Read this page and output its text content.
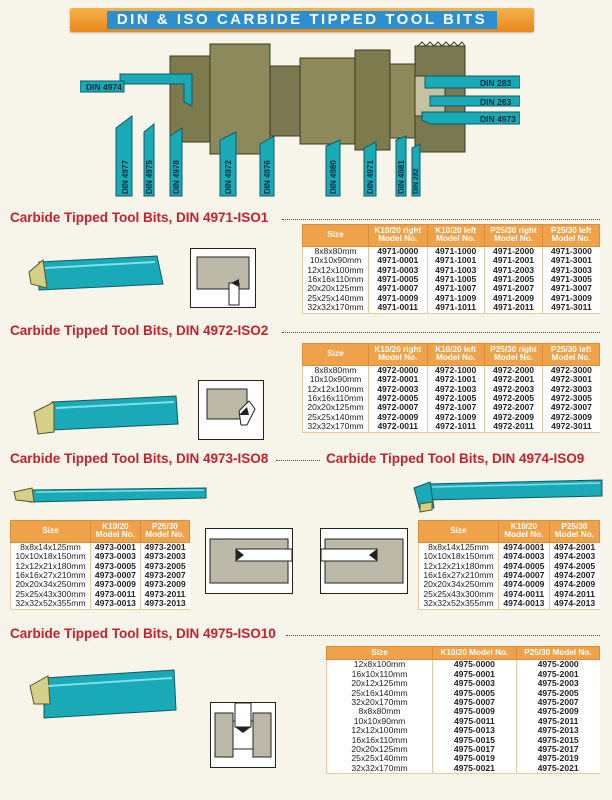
DIN & ISO CARBIDE TIPPED TOOL BITS
DIN 4974	DIN 283
DIN 263
DIN 4973
DIN 4977 DIN 4975 DIN 4978	DIN 4972	DIN 4976	DIN 4980	DIN 4971	DIN 4981 DIN 282
Carbide Tipped Tool Bits, DIN 4971-ISO1
Size	K10/20 right Model No.	K10/20 left Model No.	P25/30 right Model No.	P25/30 left Model No.
8x8x80mm	4971-0000	4971-1000	4971-2000	4971-3000
10x10x90mm	4971-0001	4971-1001	4971-2001	4971-3001
12x12x100mm	4971-0003	4971-1003	4971-2003	4971-3003
16x16x110mm	4971-0005	4971-1005	4971-2005	4971-3005
20x20x125mm	4971-0007	4971-1007	4971-2007	4971-3007
25x25x140mm	4971-0009	4971-1009	4971-2009	4971-3009
32x32x170mm	4971-0011	4971-1011	4971-2011	4971-3011
Carbide Tipped Tool Bits, DIN 4972-ISO2
Size	K10/20 right Model No.	K10/20 left Model No.	P25/30 right Model No.	P25/30 left Model No.
8x8x80mm	4972-0000	4972-1000	4972-2000	4972-3000
10x10x90mm	4972-0001	4972-1001	4972-2001	4972-3001
12x12x100mm	4972-0003	4972-1003	4972-2003	4972-3003
16x16x110mm	4972-0005	4972-1005	4972-2005	4972-3005
20x20x125mm	4972-0007	4972-1007	4972-2007	4972-3007
25x25x140mm	4972-0009	4972-1009	4972-2009	4972-3009
32x32x170mm	4972-0011	4972-1011	4972-2011	4972-3011
Carbide Tipped Tool Bits, DIN 4973-ISO8
Size	K10/20 Model No.	P25/30 Model No.
8x8x14x125mm	4973-0001	4973-2001
10x10x18x150mm	4973-0003	4973-2003
12x12x21x180mm	4973-0005	4973-2005
16x16x27x210mm	4973-0007	4973-2007
20x20x34x250mm	4973-0009	4973-2009
25x25x43x300mm	4973-0011	4973-2011
32x32x52x355mm	4973-0013	4973-2013
Carbide Tipped Tool Bits, DIN 4974-ISO9
Size	K10/20 Model No.	P25/30 Model No.
8x8x14x125mm	4974-0001	4974-2001
10x10x18x150mm	4974-0003	4974-2003
12x12x21x180mm	4974-0005	4974-2005
16x16x27x210mm	4974-0007	4974-2007
20x20x34x250mm	4974-0009	4974-2009
25x25x43x300mm	4974-0011	4974-2011
32x32x52x355mm	4974-0013	4974-2013
Carbide Tipped Tool Bits, DIN 4975-ISO10
Size	K10/20 Model No.	P25/30 Model No.
12x8x100mm	4975-0000	4975-2000
16x10x110mm	4975-0001	4975-2001
20x12x125mm	4975-0003	4975-2003
25x16x140mm	4975-0005	4975-2005
32x20x170mm	4975-0007	4975-2007
8x8x80mm	4975-0009	4975-2009
10x10x90mm	4975-0011	4975-2011
12x12x100mm	4975-0013	4975-2013
16x16x110mm	4975-0015	4975-2015
20x20x125mm	4975-0017	4975-2017
25x25x140mm	4975-0019	4975-2019
32x32x170mm	4975-0021	4975-2021
